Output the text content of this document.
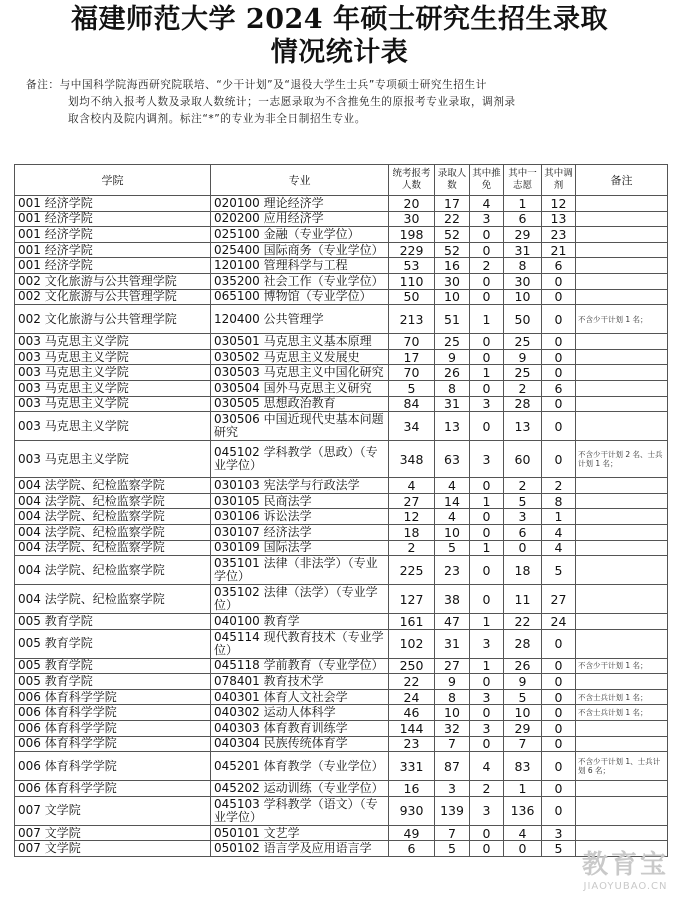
福建师范大学 2024 年硕士研究生招生录取
情况统计表
备注：与中国科学院海西研究院联培、“少干计划”及“退役大学生士兵”专项硕士研究生招生计
划均不纳入报考人数及录取人数统计；一志愿录取为不含推免生的原报考专业录取，调剂录
取含校内及院内调剂。标注“*”的专业为非全日制招生专业。
学院	专业	统考报考人数	录取人数	其中推免	其中一志愿	其中调剂	备注
001 经济学院	020100 理论经济学	20	17	4	1	12	
001 经济学院	020200 应用经济学	30	22	3	6	13	
001 经济学院	025100 金融（专业学位）	198	52	0	29	23	
001 经济学院	025400 国际商务（专业学位）	229	52	0	31	21	
001 经济学院	120100 管理科学与工程	53	16	2	8	6	
002 文化旅游与公共管理学院	035200 社会工作（专业学位）	110	30	0	30	0	
002 文化旅游与公共管理学院	065100 博物馆（专业学位）	50	10	0	10	0	
002 文化旅游与公共管理学院	120400 公共管理学	213	51	1	50	0	不含少干计划 1 名；
003 马克思主义学院	030501 马克思主义基本原理	70	25	0	25	0	
003 马克思主义学院	030502 马克思主义发展史	17	9	0	9	0	
003 马克思主义学院	030503 马克思主义中国化研究	70	26	1	25	0	
003 马克思主义学院	030504 国外马克思主义研究	5	8	0	2	6	
003 马克思主义学院	030505 思想政治教育	84	31	3	28	0	
003 马克思主义学院	030506 中国近现代史基本问题研究	34	13	0	13	0	
003 马克思主义学院	045102 学科教学（思政）（专业学位）	348	63	3	60	0	不含少干计划 2 名、士兵计划 1 名；
004 法学院、纪检监察学院	030103 宪法学与行政法学	4	4	0	2	2	
004 法学院、纪检监察学院	030105 民商法学	27	14	1	5	8	
004 法学院、纪检监察学院	030106 诉讼法学	12	4	0	3	1	
004 法学院、纪检监察学院	030107 经济法学	18	10	0	6	4	
004 法学院、纪检监察学院	030109 国际法学	2	5	1	0	4	
004 法学院、纪检监察学院	035101 法律（非法学）（专业学位）	225	23	0	18	5	
004 法学院、纪检监察学院	035102 法律（法学）（专业学位）	127	38	0	11	27	
005 教育学院	040100 教育学	161	47	1	22	24	
005 教育学院	045114 现代教育技术（专业学位）	102	31	3	28	0	
005 教育学院	045118 学前教育（专业学位）	250	27	1	26	0	不含少干计划 1 名；
005 教育学院	078401 教育技术学	22	9	0	9	0	
006 体育科学学院	040301 体育人文社会学	24	8	3	5	0	不含士兵计划 1 名；
006 体育科学学院	040302 运动人体科学	46	10	0	10	0	不含士兵计划 1 名；
006 体育科学学院	040303 体育教育训练学	144	32	3	29	0	
006 体育科学学院	040304 民族传统体育学	23	7	0	7	0	
006 体育科学学院	045201 体育教学（专业学位）	331	87	4	83	0	不含少干计划 1、士兵计划 6 名；
006 体育科学学院	045202 运动训练（专业学位）	16	3	2	1	0	
007 文学院	045103 学科教学（语文）（专业学位）	930	139	3	136	0	
007 文学院	050101 文艺学	49	7	0	4	3	
007 文学院	050102 语言学及应用语言学	6	5	0	0	5	
教育宝
JIAOYUBAO.CN
